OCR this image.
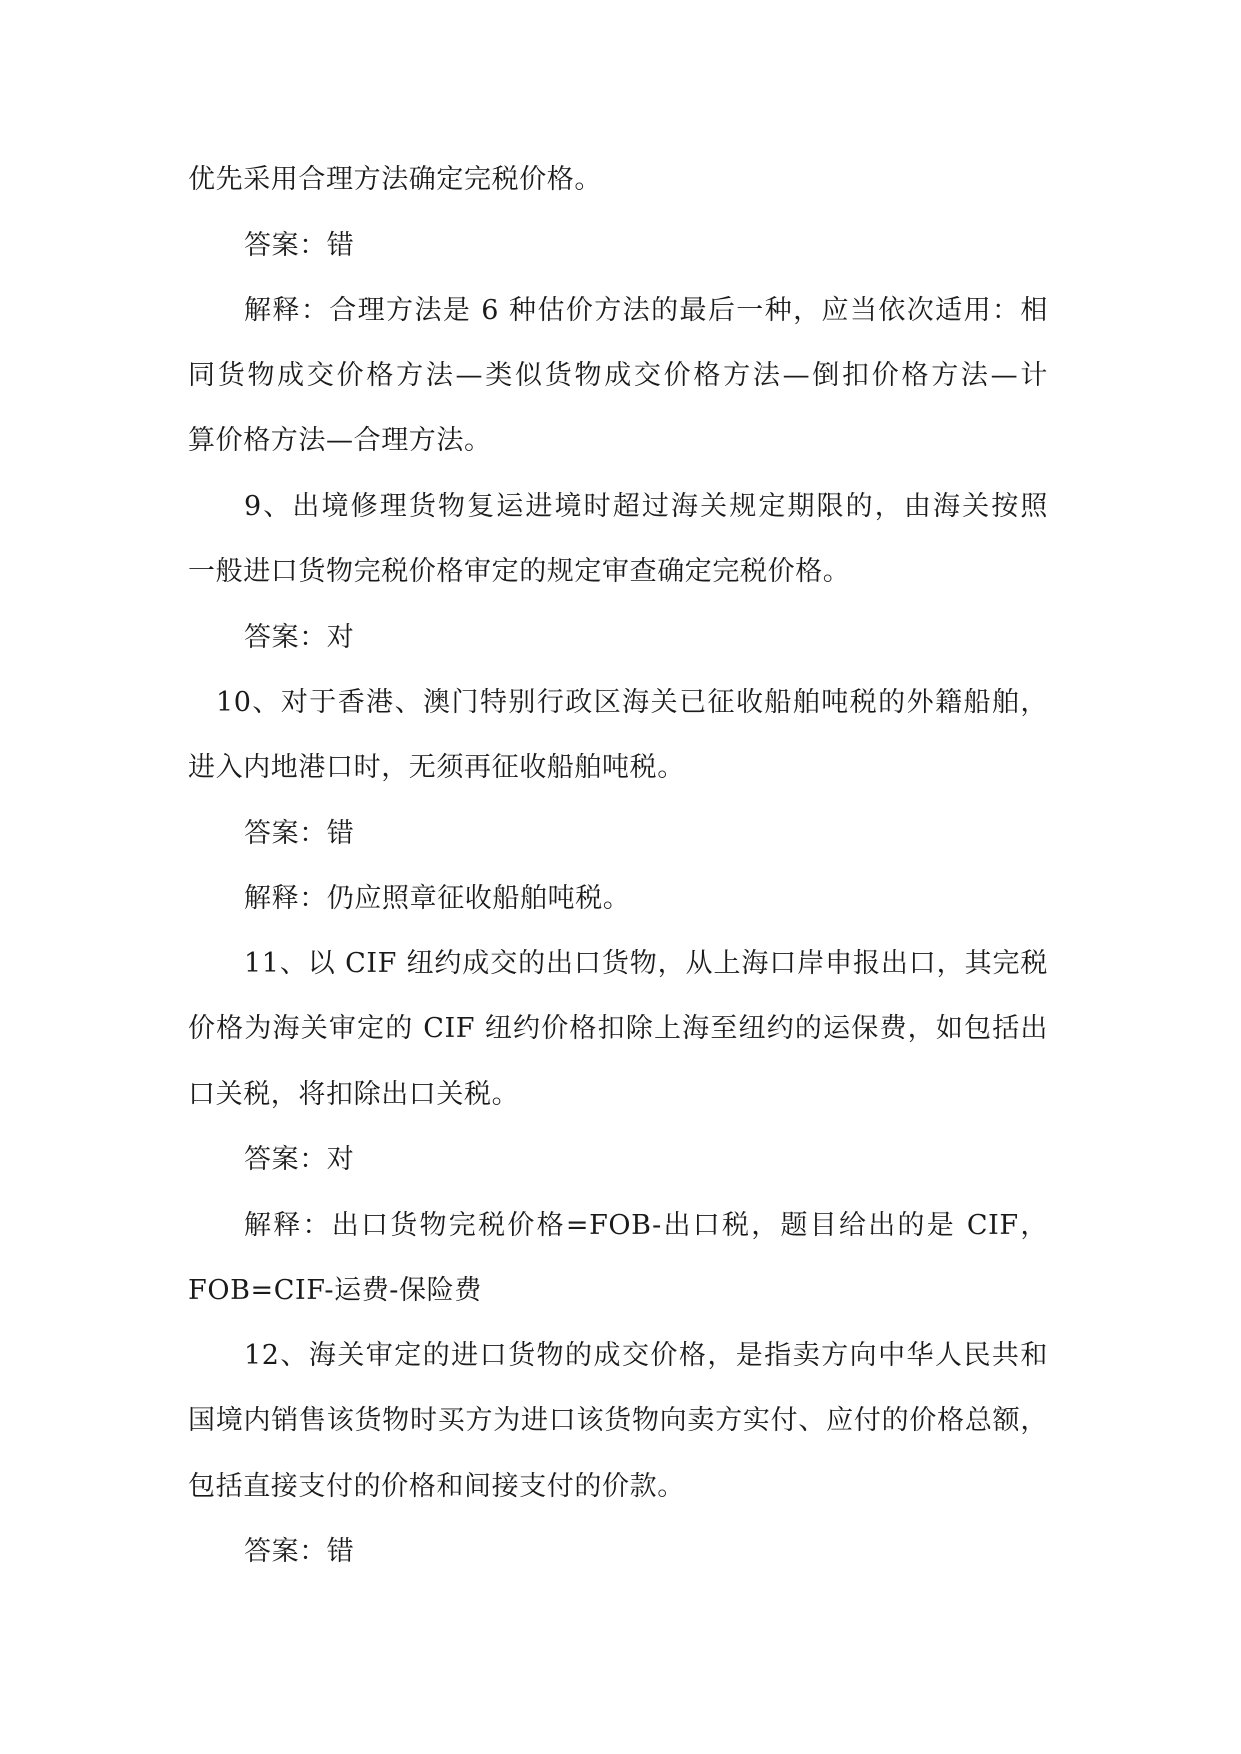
优先采用合理方法确定完税价格。
答案：错
解释：合理方法是 6 种估价方法的最后一种，应当依次适用：相
同货物成交价格方法—类似货物成交价格方法—倒扣价格方法—计
算价格方法—合理方法。
9、出境修理货物复运进境时超过海关规定期限的，由海关按照
一般进口货物完税价格审定的规定审查确定完税价格。
答案：对
10、对于香港、澳门特别行政区海关已征收船舶吨税的外籍船舶，
进入内地港口时，无须再征收船舶吨税。
答案：错
解释：仍应照章征收船舶吨税。
11、以 CIF 纽约成交的出口货物，从上海口岸申报出口，其完税
价格为海关审定的 CIF 纽约价格扣除上海至纽约的运保费，如包括出
口关税，将扣除出口关税。
答案：对
解释：出口货物完税价格=FOB-出口税，题目给出的是 CIF，
FOB=CIF-运费-保险费
12、海关审定的进口货物的成交价格，是指卖方向中华人民共和
国境内销售该货物时买方为进口该货物向卖方实付、应付的价格总额，
包括直接支付的价格和间接支付的价款。
答案：错
